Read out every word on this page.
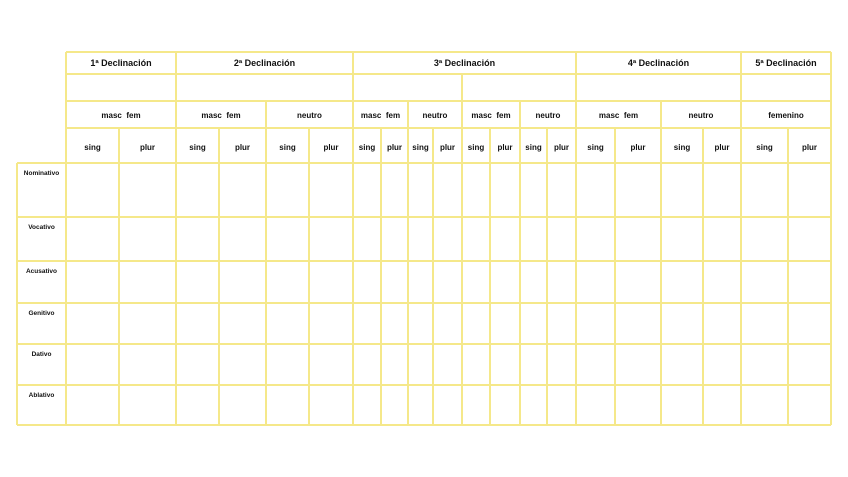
1ª Declinación	2ª Declinación	3ª Declinación	4ª Declinación	5ª Declinación
masc  fem	masc  fem	neutro	masc  fem	neutro	masc  fem	neutro	masc  fem	neutro	femenino
sing	plur	sing	plur	sing	plur	sing plur sing plur sing plur sing plur sing	plur	sing	plur	sing	plur
Nominativo
Vocativo
Acusativo
Genitivo
Dativo
Ablativo
